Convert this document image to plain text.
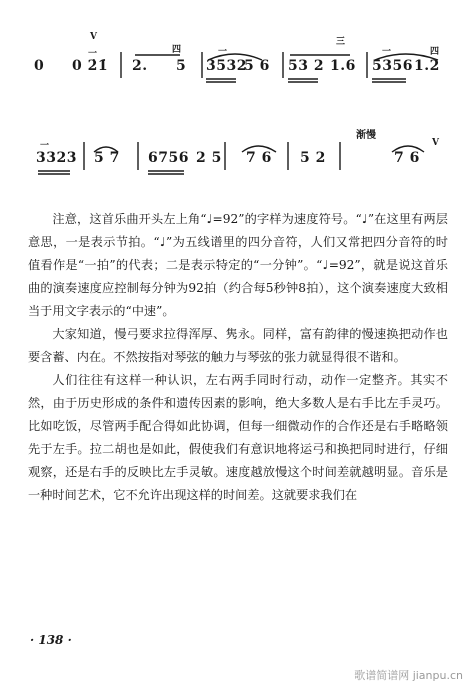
V
一	四	一
三
一	四
0 0 2̇1̇ 2. 5 3532
5 6 53 2 1.6 5356 1.2
渐慢
V
一
3323 5 7 6756 2 5 7 6 5 2	7 6

注意，这首乐曲开头左上角“♩=92”的字样为速度符号。“♩”在这里有两层意思，一是表示节拍。“♩”为五线谱里的四分音符，人们又常把四分音符的时值看作是“一拍”的代表；二是表示特定的“一分钟”。“♩=92”，就是说这首乐曲的演奏速度应控制每分钟为92拍（约合每5秒钟8拍），这个演奏速度大致相当于用文字表示的“中速”。

大家知道，慢弓要求拉得浑厚、隽永。同样，富有韵律的慢速换把动作也要含蓄、内在。不然按指对琴弦的触力与琴弦的张力就显得很不谐和。

人们往往有这样一种认识，左右两手同时行动，动作一定整齐。其实不然，由于历史形成的条件和遗传因素的影响，绝大多数人是右手比左手灵巧。比如吃饭，尽管两手配合得如此协调，但每一细微动作的合作还是右手略略领先于左手。拉二胡也是如此，假使我们有意识地将运弓和换把同时进行，仔细观察，还是右手的反映比左手灵敏。速度越放慢这个时间差就越明显。音乐是一种时间艺术，它不允许出现这样的时间差。这就要求我们在

· 138 ·
歌谱简谱网 jianpu.cn
